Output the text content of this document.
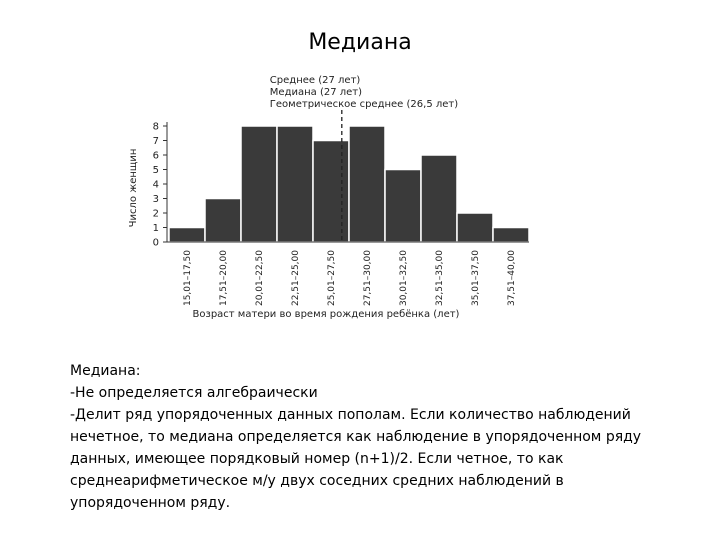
Медиана
Среднее (27 лет)
Медиана (27 лет)
Геометрическое среднее (26,5 лет)
0
1
2
3
4
5
6
7
8
15,01–17,50	17,51–20,00	20,01–22,50	22,51–25,00	25,01–27,50	27,51–30,00	30,01–32,50	32,51–35,00	35,01–37,50	37,51–40,00
Число женщин
Возраст матери во время рождения ребёнка (лет)
Медиана:
-Не определяется алгебраически
-Делит ряд упорядоченных данных пополам. Если количество наблюдений
нечетное, то медиана определяется как наблюдение в упорядоченном ряду
данных, имеющее порядковый номер (n+1)/2. Если четное, то как
среднеарифметическое м/у двух соседних средних наблюдений в
упорядоченном ряду.
